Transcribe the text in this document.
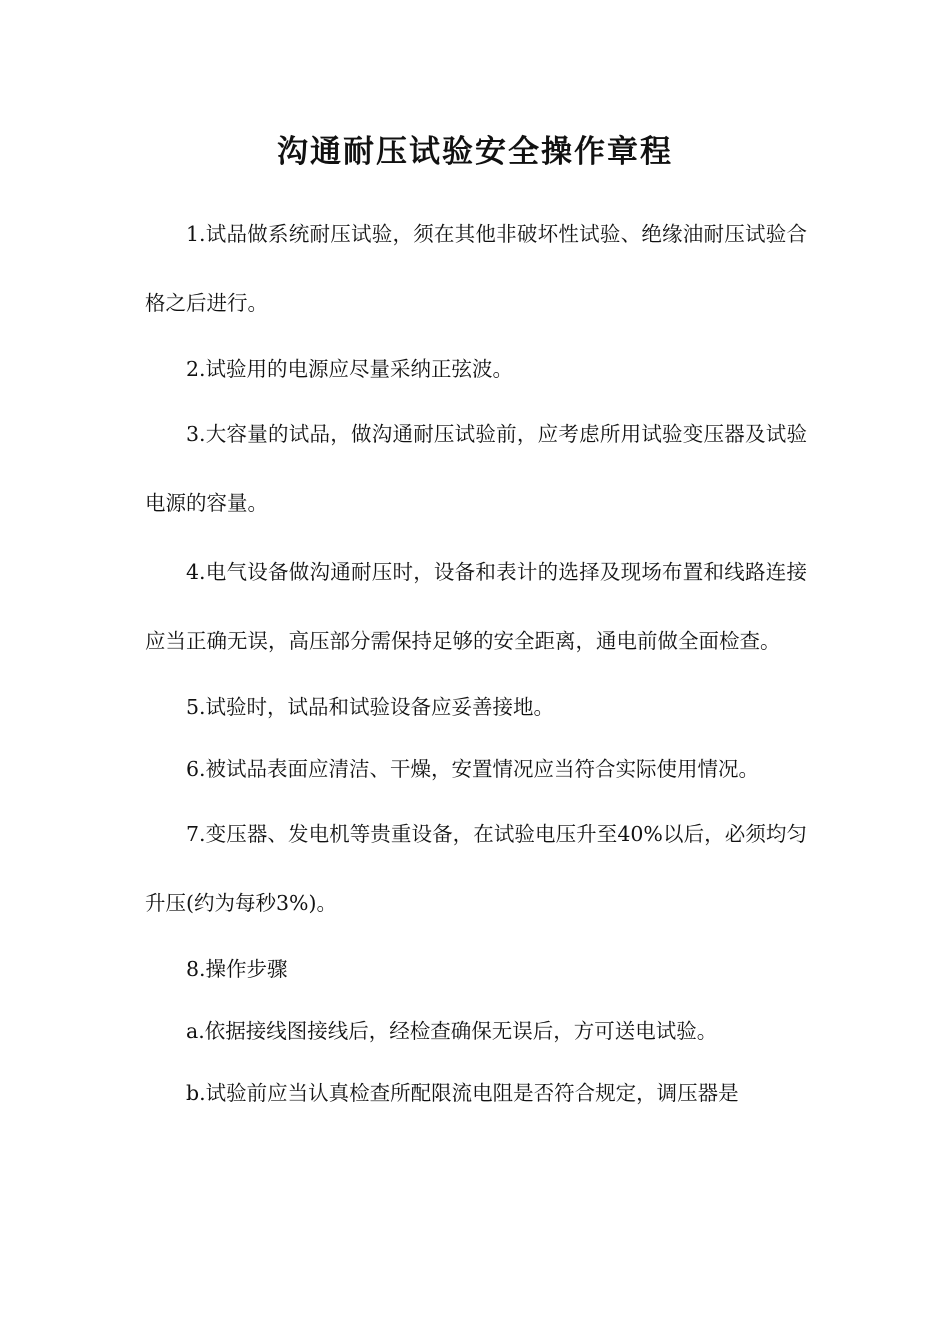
沟通耐压试验安全操作章程

1.试品做系统耐压试验，须在其他非破坏性试验、绝缘油耐压试验合格之后进行。

2.试验用的电源应尽量采纳正弦波。

3.大容量的试品，做沟通耐压试验前，应考虑所用试验变压器及试验电源的容量。

4.电气设备做沟通耐压时，设备和表计的选择及现场布置和线路连接应当正确无误，高压部分需保持足够的安全距离，通电前做全面检查。

5.试验时，试品和试验设备应妥善接地。

6.被试品表面应清洁、干燥，安置情况应当符合实际使用情况。

7.变压器、发电机等贵重设备，在试验电压升至40%以后，必须均匀升压(约为每秒3%)。

8.操作步骤

a.依据接线图接线后，经检查确保无误后，方可送电试验。

b.试验前应当认真检查所配限流电阻是否符合规定，调压器是
